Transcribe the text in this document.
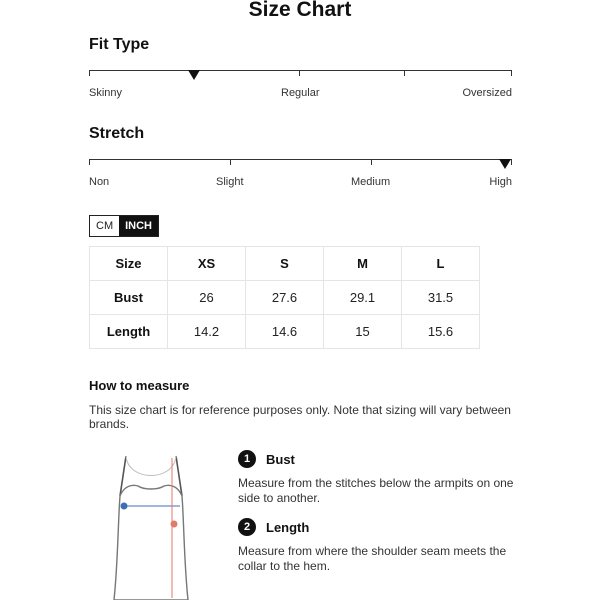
Size Chart
Fit Type
Skinny	Regular	Oversized
Stretch
Non	Slight	Medium	High
CM	INCH
Size	XS	S	M	L
Bust	26	27.6	29.1	31.5
Length	14.2	14.6	15	15.6
How to measure
This size chart is for reference purposes only. Note that sizing will vary between brands.
1	Bust
Measure from the stitches below the armpits on one side to another.
2	Length
Measure from where the shoulder seam meets the collar to the hem.
